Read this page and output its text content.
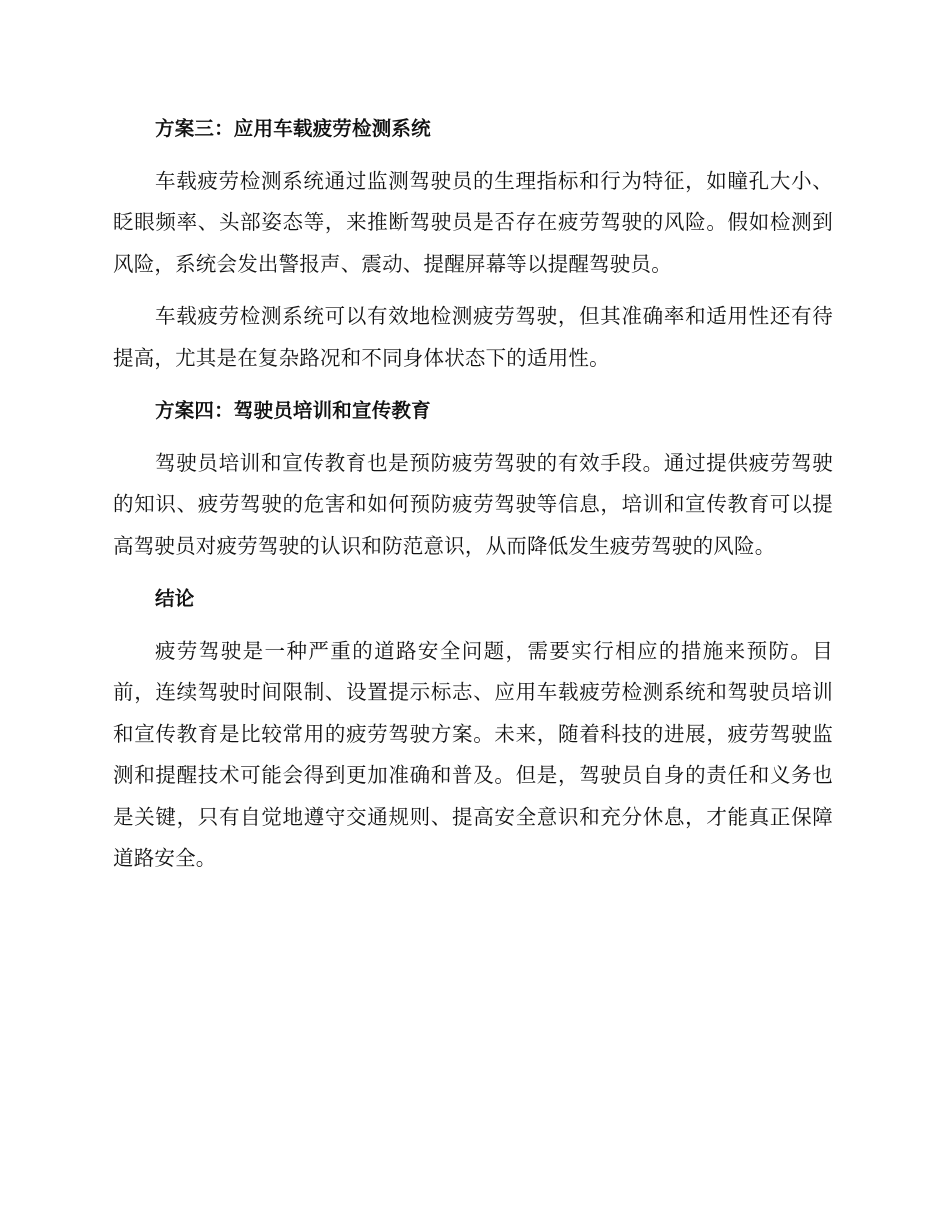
方案三：应用车载疲劳检测系统

车载疲劳检测系统通过监测驾驶员的生理指标和行为特征，如瞳孔大小、眨眼频率、头部姿态等，来推断驾驶员是否存在疲劳驾驶的风险。假如检测到风险，系统会发出警报声、震动、提醒屏幕等以提醒驾驶员。

车载疲劳检测系统可以有效地检测疲劳驾驶，但其准确率和适用性还有待提高，尤其是在复杂路况和不同身体状态下的适用性。

方案四：驾驶员培训和宣传教育

驾驶员培训和宣传教育也是预防疲劳驾驶的有效手段。通过提供疲劳驾驶的知识、疲劳驾驶的危害和如何预防疲劳驾驶等信息，培训和宣传教育可以提高驾驶员对疲劳驾驶的认识和防范意识，从而降低发生疲劳驾驶的风险。

结论

疲劳驾驶是一种严重的道路安全问题，需要实行相应的措施来预防。目前，连续驾驶时间限制、设置提示标志、应用车载疲劳检测系统和驾驶员培训和宣传教育是比较常用的疲劳驾驶方案。未来，随着科技的进展，疲劳驾驶监测和提醒技术可能会得到更加准确和普及。但是，驾驶员自身的责任和义务也是关键，只有自觉地遵守交通规则、提高安全意识和充分休息，才能真正保障道路安全。
